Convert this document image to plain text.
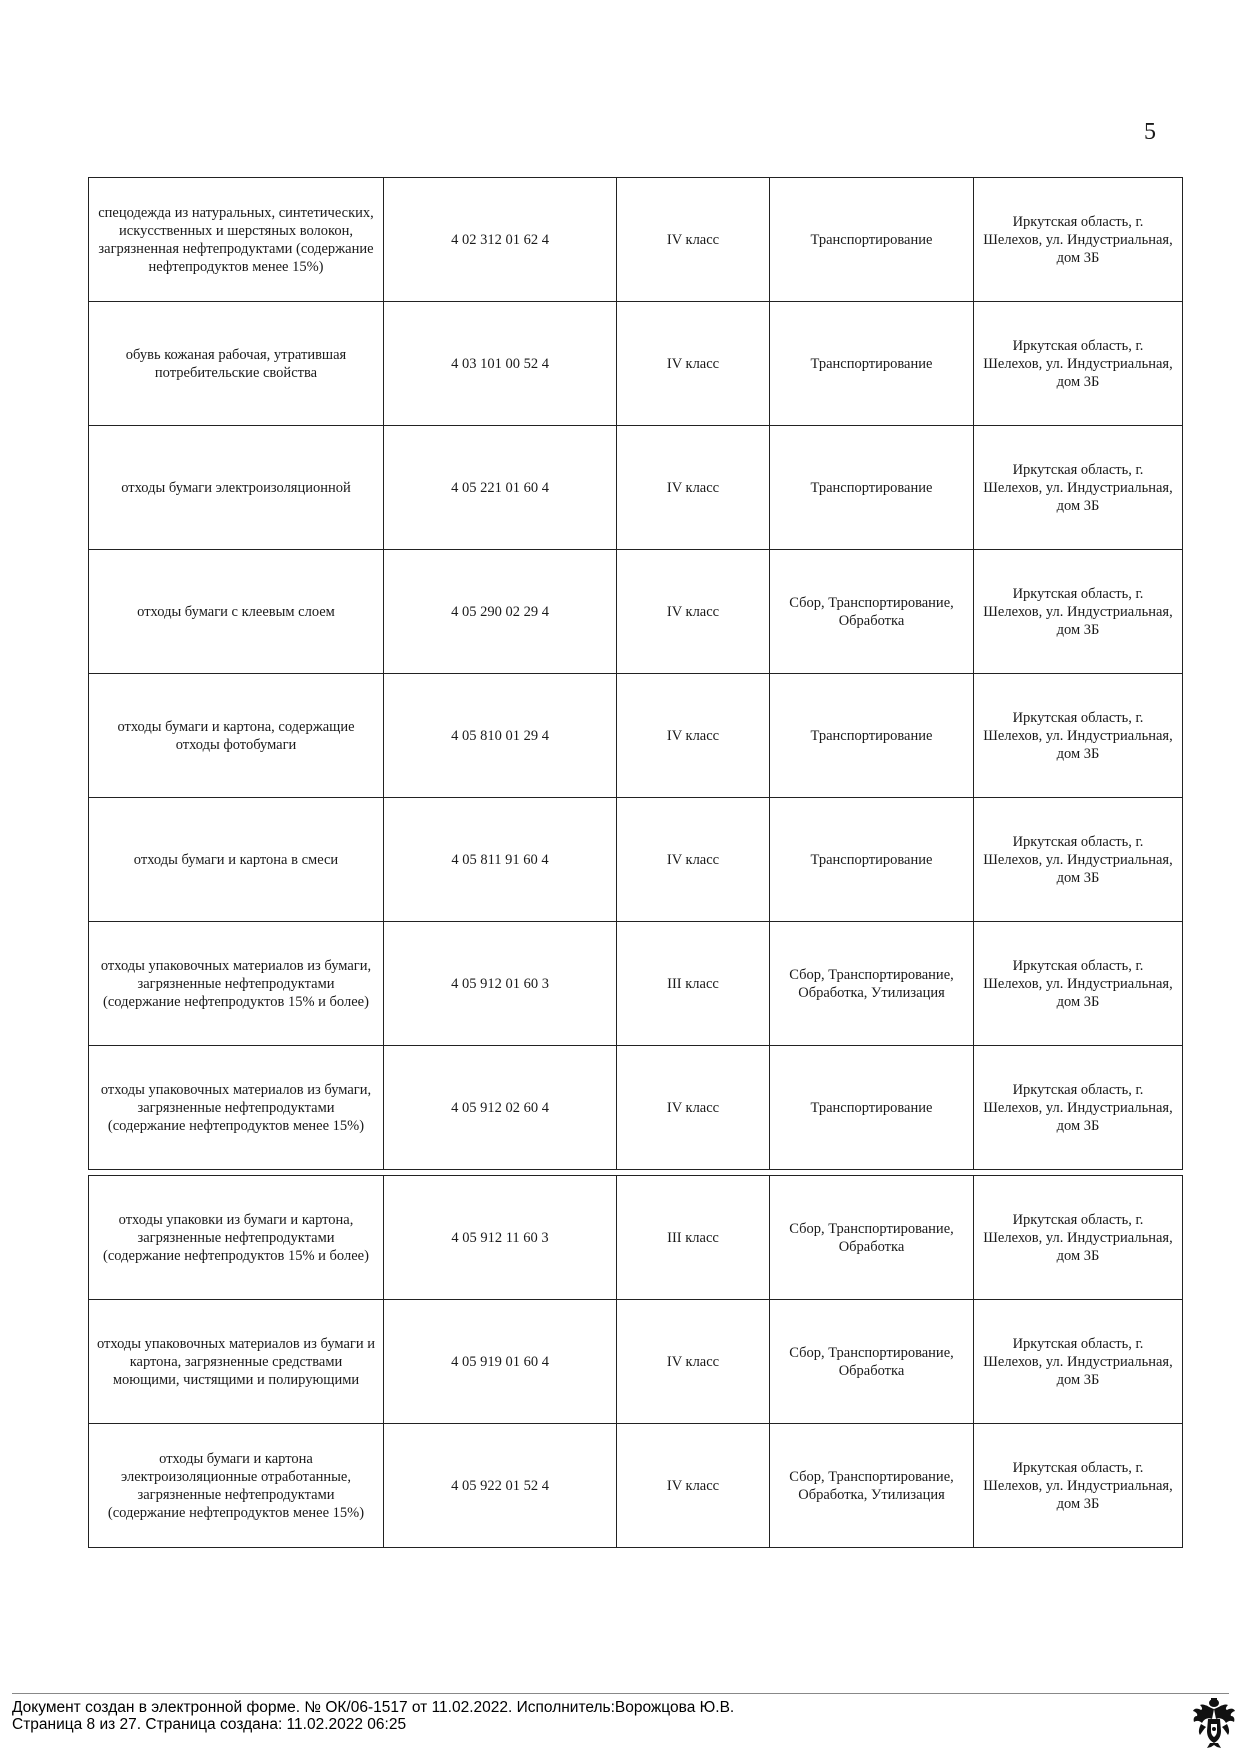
5
спецодежда из натуральных, синтетических, искусственных и шерстяных волокон, загрязненная нефтепродуктами (содержание нефтепродуктов менее 15%)	4 02 312 01 62 4	IV класс	Транспортирование	Иркутская область, г. Шелехов, ул. Индустриальная, дом 3Б
обувь кожаная рабочая, утратившая потребительские свойства	4 03 101 00 52 4	IV класс	Транспортирование	Иркутская область, г. Шелехов, ул. Индустриальная, дом 3Б
отходы бумаги электроизоляционной	4 05 221 01 60 4	IV класс	Транспортирование	Иркутская область, г. Шелехов, ул. Индустриальная, дом 3Б
отходы бумаги с клеевым слоем	4 05 290 02 29 4	IV класс	Сбор, Транспортирование, Обработка	Иркутская область, г. Шелехов, ул. Индустриальная, дом 3Б
отходы бумаги и картона, содержащие отходы фотобумаги	4 05 810 01 29 4	IV класс	Транспортирование	Иркутская область, г. Шелехов, ул. Индустриальная, дом 3Б
отходы бумаги и картона в смеси	4 05 811 91 60 4	IV класс	Транспортирование	Иркутская область, г. Шелехов, ул. Индустриальная, дом 3Б
отходы упаковочных материалов из бумаги, загрязненные нефтепродуктами (содержание нефтепродуктов 15% и более)	4 05 912 01 60 3	III класс	Сбор, Транспортирование, Обработка, Утилизация	Иркутская область, г. Шелехов, ул. Индустриальная, дом 3Б
отходы упаковочных материалов из бумаги, загрязненные нефтепродуктами (содержание нефтепродуктов менее 15%)	4 05 912 02 60 4	IV класс	Транспортирование	Иркутская область, г. Шелехов, ул. Индустриальная, дом 3Б
отходы упаковки из бумаги и картона, загрязненные нефтепродуктами (содержание нефтепродуктов 15% и более)	4 05 912 11 60 3	III класс	Сбор, Транспортирование, Обработка	Иркутская область, г. Шелехов, ул. Индустриальная, дом 3Б
отходы упаковочных материалов из бумаги и картона, загрязненные средствами моющими, чистящими и полирующими	4 05 919 01 60 4	IV класс	Сбор, Транспортирование, Обработка	Иркутская область, г. Шелехов, ул. Индустриальная, дом 3Б
отходы бумаги и картона электроизоляционные отработанные, загрязненные нефтепродуктами (содержание нефтепродуктов менее 15%)	4 05 922 01 52 4	IV класс	Сбор, Транспортирование, Обработка, Утилизация	Иркутская область, г. Шелехов, ул. Индустриальная, дом 3Б
Документ создан в электронной форме. № ОК/06-1517 от 11.02.2022. Исполнитель:Ворожцова Ю.В.
Страница 8 из 27. Страница создана: 11.02.2022 06:25
